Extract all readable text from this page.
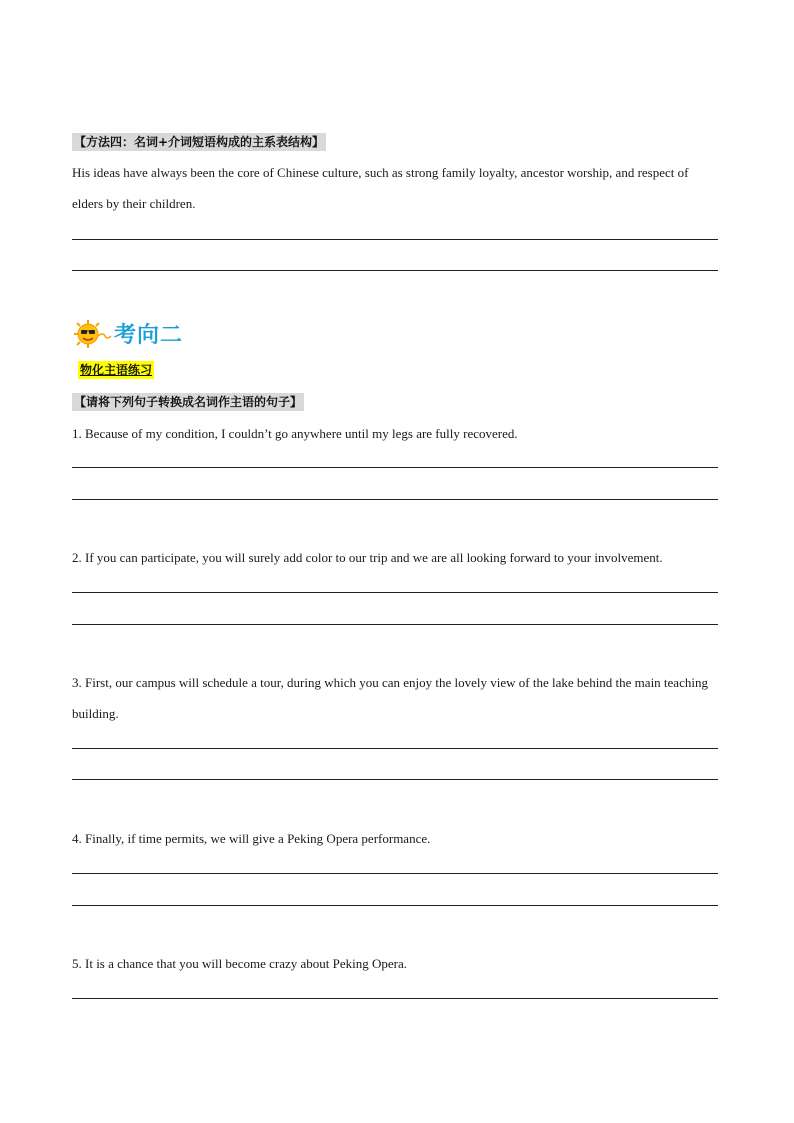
【方法四：名词+介词短语构成的主系表结构】
His ideas have always been the core of Chinese culture, such as strong family loyalty, ancestor worship, and respect of elders by their children.
考向二
物化主语练习
【请将下列句子转换成名词作主语的句子】
1. Because of my condition, I couldn’t go anywhere until my legs are fully recovered.
2. If you can participate, you will surely add color to our trip and we are all looking forward to your involvement.
3. First, our campus will schedule a tour, during which you can enjoy the lovely view of the lake behind the main teaching building.
4. Finally, if time permits, we will give a Peking Opera performance.
5. It is a chance that you will become crazy about Peking Opera.
